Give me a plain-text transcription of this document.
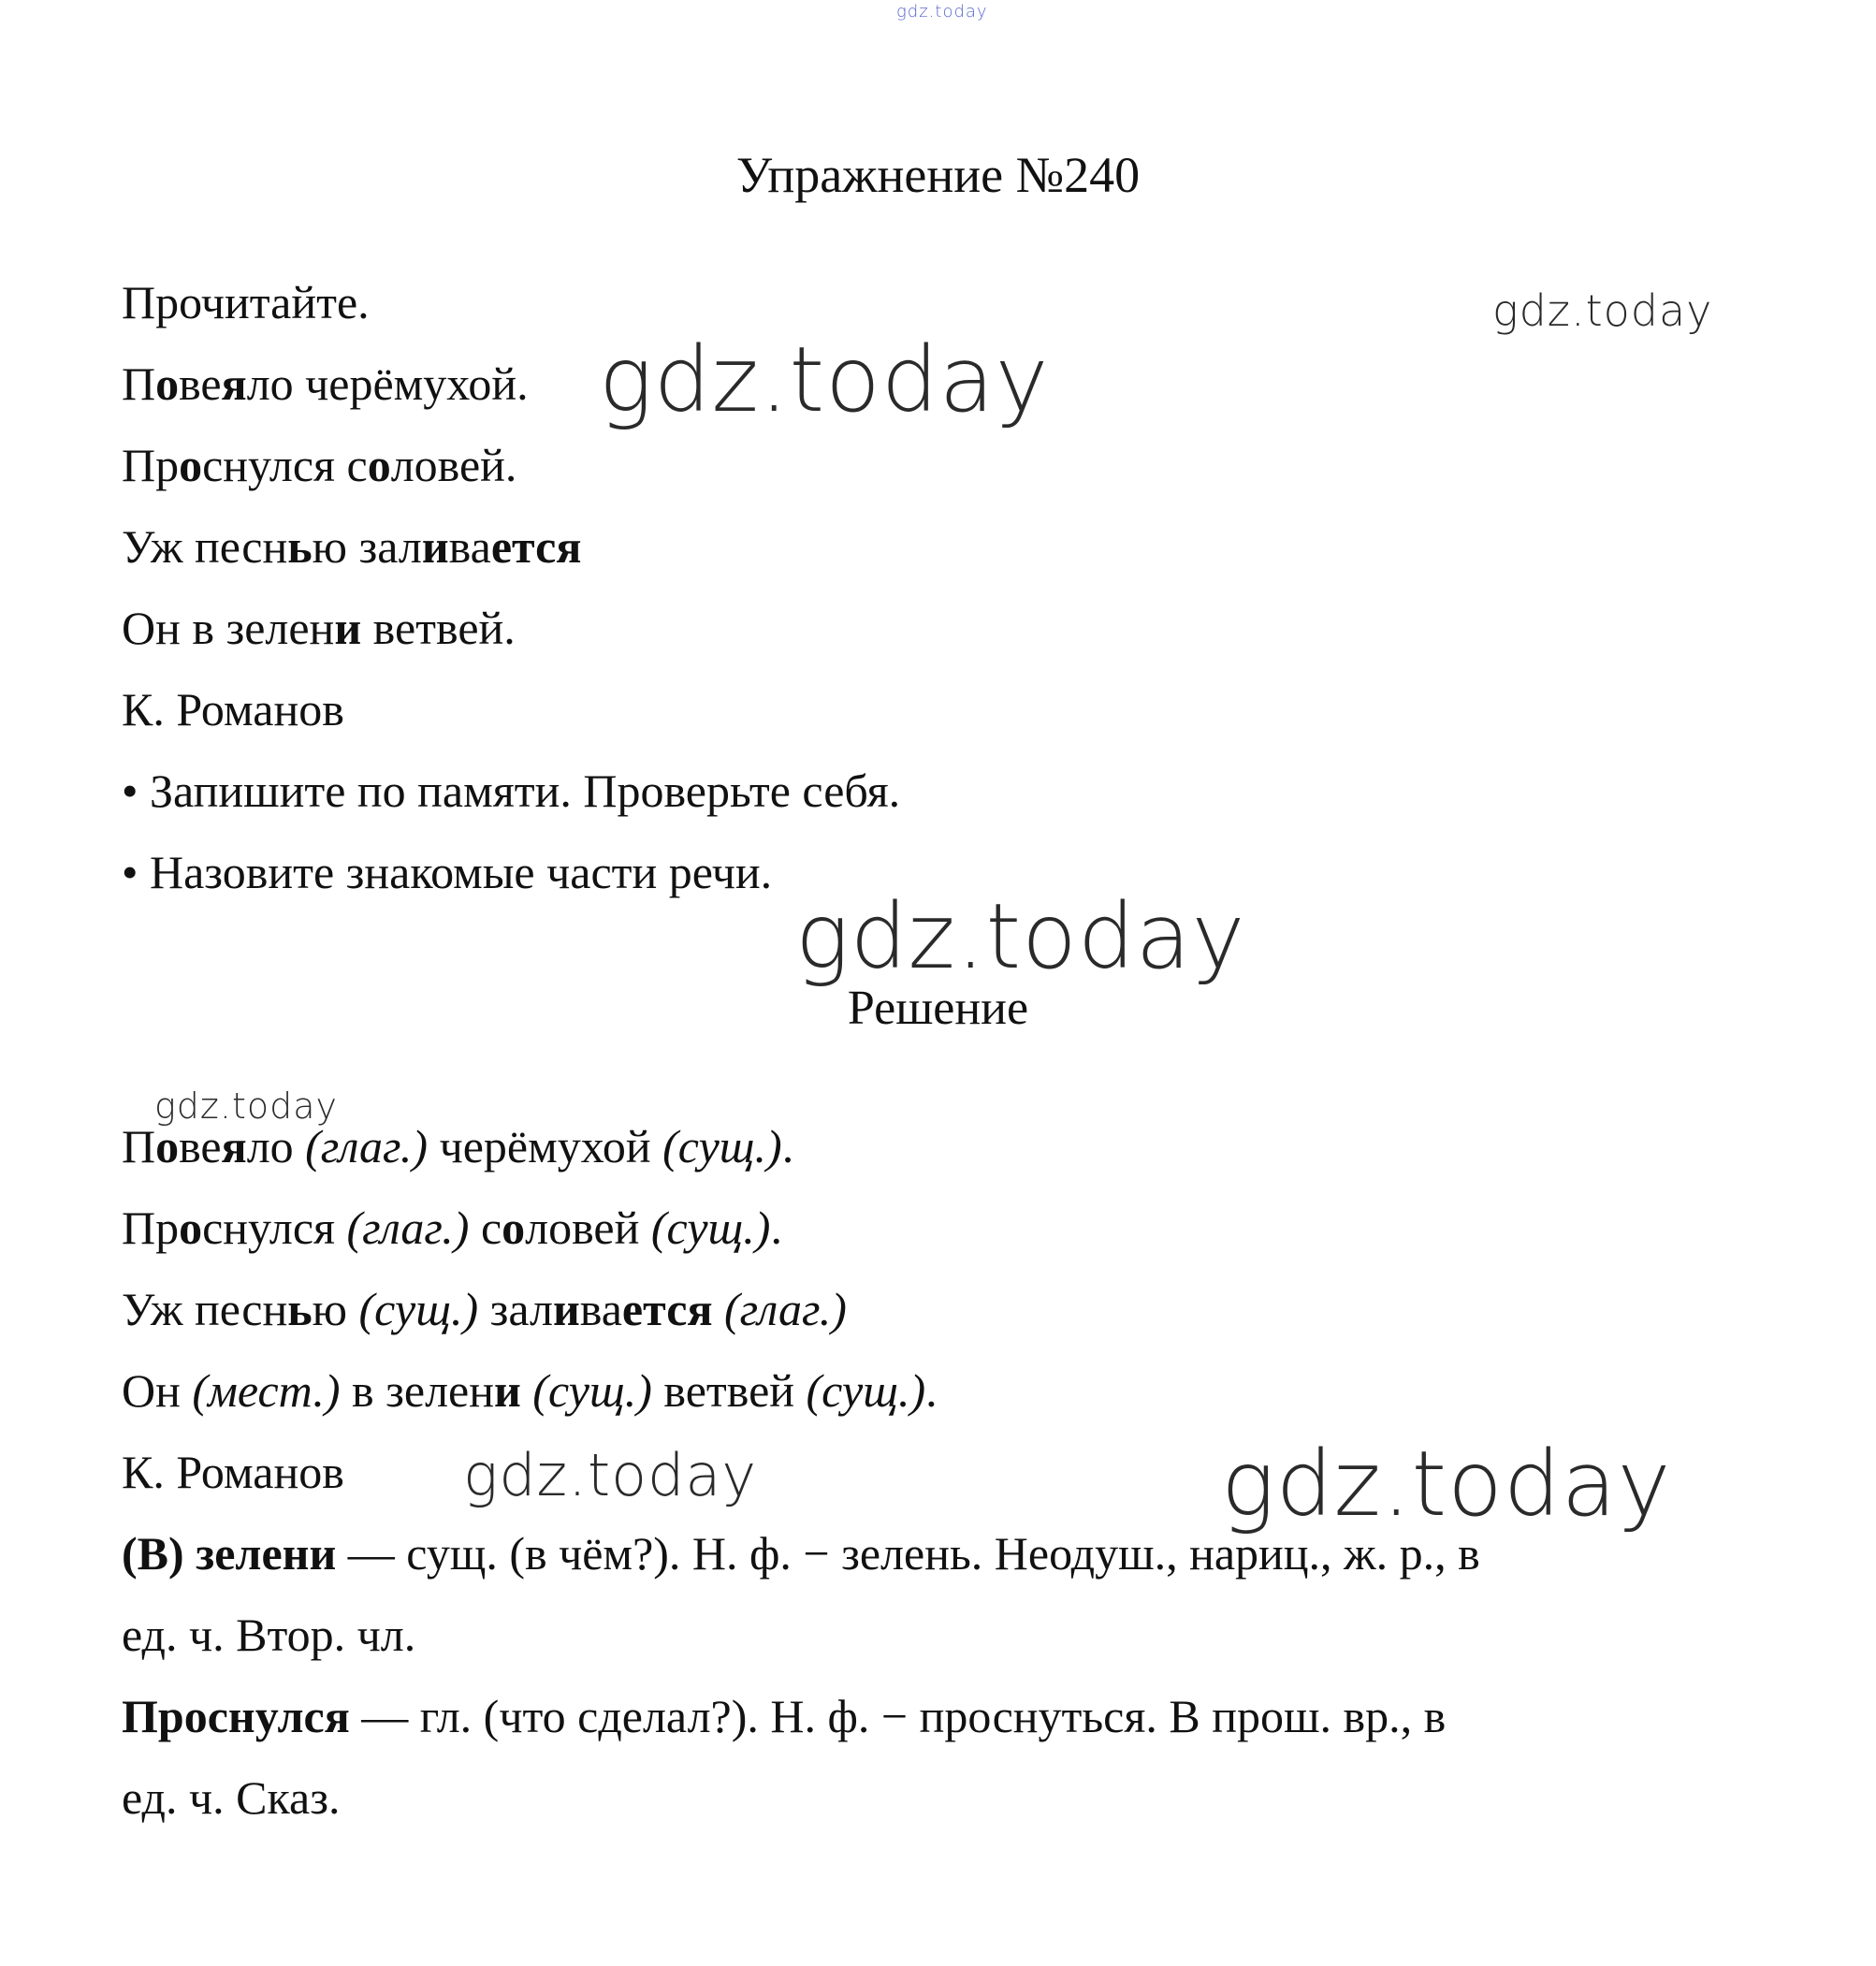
gdz.today
gdz.today
gdz.today
gdz.today
gdz.today
gdz.today	gdz.today
Упражнение №240
Прочитайте.
Повеяло черёмухой.
Проснулся соловей.
Уж песнью заливается
Он в зелени ветвей.
К. Романов
• Запишите по памяти. Проверьте себя.
• Назовите знакомые части речи.
Решение
Повеяло (глаг.) черёмухой (сущ.).
Проснулся (глаг.) соловей (сущ.).
Уж песнью (сущ.) заливается (глаг.)
Он (мест.) в зелени (сущ.) ветвей (сущ.).
К. Романов
(В) зелени — сущ. (в чём?). Н. ф. − зелень. Неодуш., нариц., ж. р., в
ед. ч. Втор. чл.
Проснулся — гл. (что сделал?). Н. ф. − проснуться. В прош. вр., в
ед. ч. Сказ.
